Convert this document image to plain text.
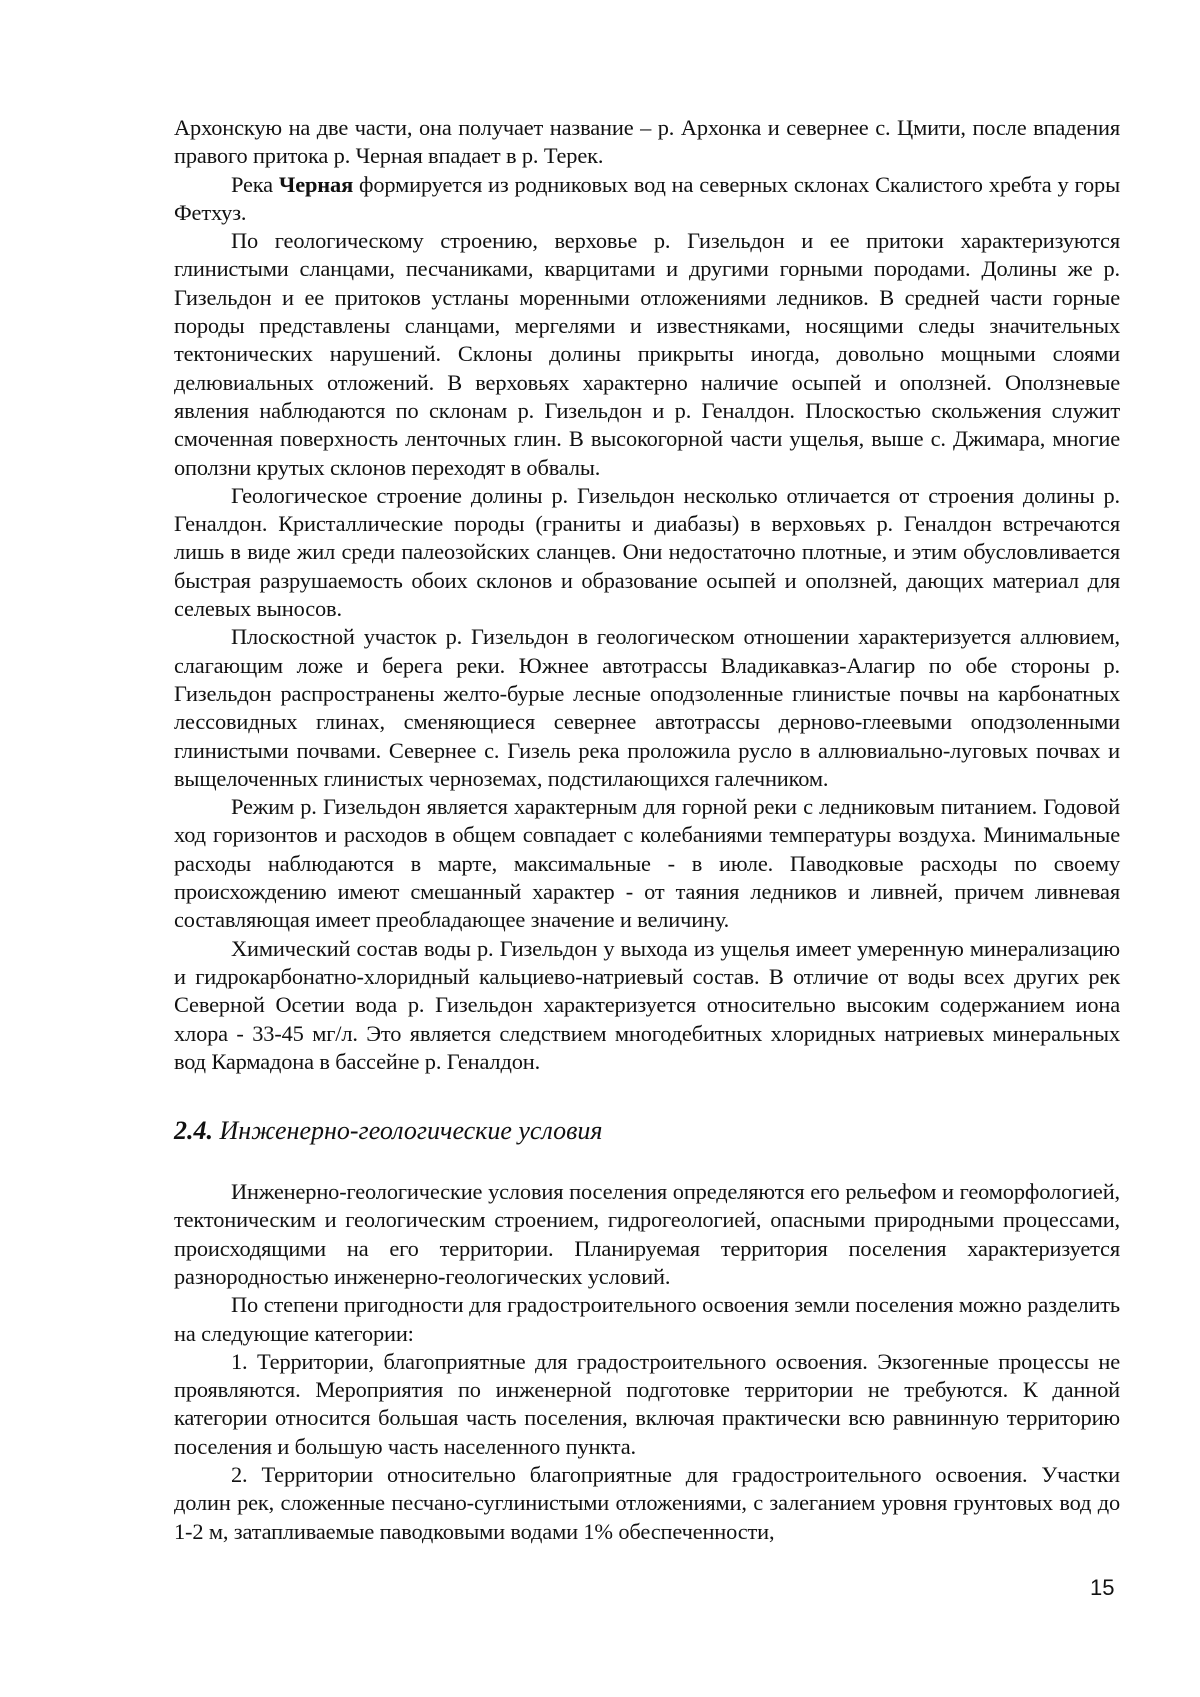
Архонскую на две части, она получает название – р. Архонка и севернее с. Цмити, после впадения правого притока р. Черная впадает в р. Терек.

Река Черная формируется из родниковых вод на северных склонах Скалистого хребта у горы Фетхуз.

По геологическому строению, верховье р. Гизельдон и ее притоки характеризуются глинистыми сланцами, песчаниками, кварцитами и другими горными породами. Долины же р. Гизельдон и ее притоков устланы моренными отложениями ледников. В средней части горные породы представлены сланцами, мергелями и известняками, носящими следы значительных тектонических нарушений. Склоны долины прикрыты иногда, довольно мощными слоями делювиальных отложений. В верховьях характерно наличие осыпей и оползней. Оползневые явления наблюдаются по склонам р. Гизельдон и р. Геналдон. Плоскостью скольжения служит смоченная поверхность ленточных глин. В высокогорной части ущелья, выше с. Джимара, многие оползни крутых склонов переходят в обвалы.

Геологическое строение долины р. Гизельдон несколько отличается от строения долины р. Геналдон. Кристаллические породы (граниты и диабазы) в верховьях р. Геналдон встречаются лишь в виде жил среди палеозойских сланцев. Они недостаточно плотные, и этим обусловливается быстрая разрушаемость обоих склонов и образование осыпей и оползней, дающих материал для селевых выносов.

Плоскостной участок р. Гизельдон в геологическом отношении характеризуется аллювием, слагающим ложе и берега реки. Южнее автотрассы Владикавказ-Алагир по обе стороны р. Гизельдон распространены желто-бурые лесные оподзоленные глинистые почвы на карбонатных лессовидных глинах, сменяющиеся севернее автотрассы дерново-глеевыми оподзоленными глинистыми почвами. Севернее с. Гизель река проложила русло в аллювиально-луговых почвах и выщелоченных глинистых черноземах, подстилающихся галечником.

Режим р. Гизельдон является характерным для горной реки с ледниковым питанием. Годовой ход горизонтов и расходов в общем совпадает с колебаниями температуры воздуха. Минимальные расходы наблюдаются в марте, максимальные - в июле. Паводковые расходы по своему происхождению имеют смешанный характер - от таяния ледников и ливней, причем ливневая составляющая имеет преобладающее значение и величину.

Химический состав воды р. Гизельдон у выхода из ущелья имеет умеренную минерализацию и гидрокарбонатно-хлоридный кальциево-натриевый состав. В отличие от воды всех других рек Северной Осетии вода р. Гизельдон характеризуется относительно высоким содержанием иона хлора - 33-45 мг/л. Это является следствием многодебитных хлоридных натриевых минеральных вод Кармадона в бассейне р. Геналдон.

2.4. Инженерно-геологические условия

Инженерно-геологические условия поселения определяются его рельефом и геоморфологией, тектоническим и геологическим строением, гидрогеологией, опасными природными процессами, происходящими на его территории. Планируемая территория поселения характеризуется разнородностью инженерно-геологических условий.

По степени пригодности для градостроительного освоения земли поселения можно разделить на следующие категории:

1. Территории, благоприятные для градостроительного освоения. Экзогенные процессы не проявляются. Мероприятия по инженерной подготовке территории не требуются. К данной категории относится большая часть поселения, включая практически всю равнинную территорию поселения и большую часть населенного пункта.

2. Территории относительно благоприятные для градостроительного освоения. Участки долин рек, сложенные песчано-суглинистыми отложениями, с залеганием уровня грунтовых вод до 1-2 м, затапливаемые паводковыми водами 1% обеспеченности,

15
